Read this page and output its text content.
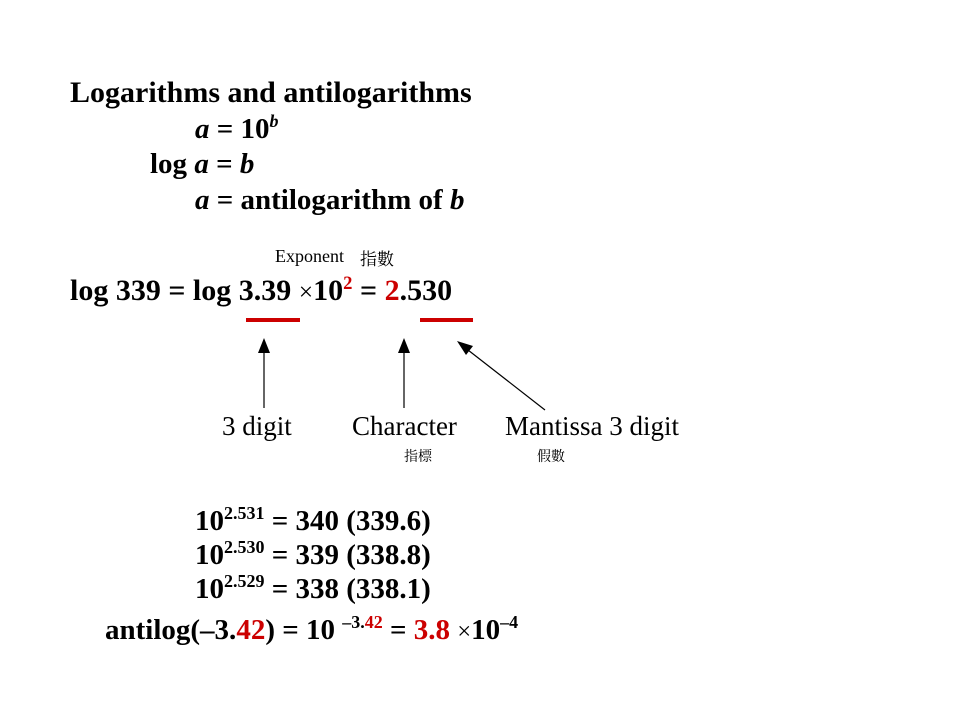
Logarithms and antilogarithms
$a = 10^b$
log a = b
a = antilogarithm of b
Exponent 指數
$\log 339 = \log 3.39 \times 10^2 = 2.530$
3 digit Character Mantissa 3 digit
指標	假數
$10^{2.531} = 340$ (339.6)
$10^{2.530} = 339$ (338.8)
$10^{2.529} = 338$ (338.1)
antilog(–3.42) = 10 $^{-3.42} = 3.8 \times 10^{-4}$
